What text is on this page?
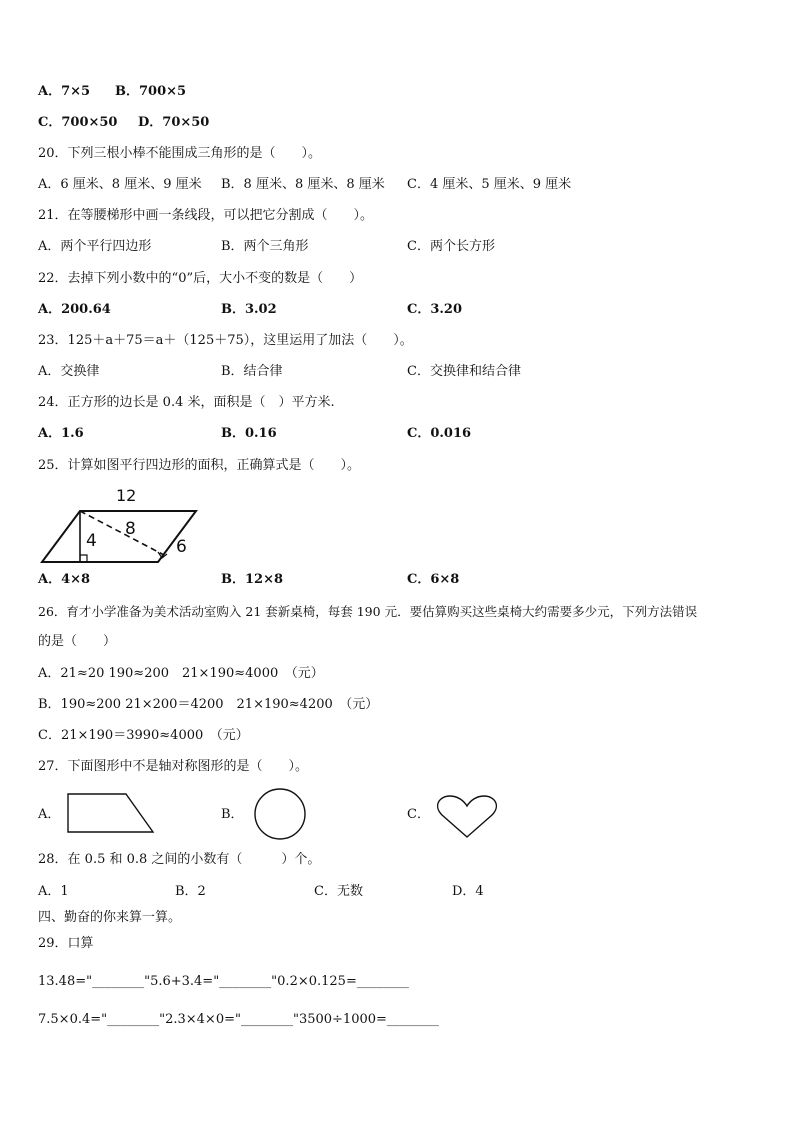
A．7×5 B．700×5
C．700×50 D．70×50
20．下列三根小棒不能围成三角形的是（　　）。
A．6 厘米、8 厘米、9 厘米 B．8 厘米、8 厘米、8 厘米 C．4 厘米、5 厘米、9 厘米
21．在等腰梯形中画一条线段，可以把它分割成（　　）。
A．两个平行四边形	B．两个三角形	C．两个长方形
22．去掉下列小数中的“0”后，大小不变的数是（　　）
A．200.64	B．3.02	C．3.20
23．125＋a＋75＝a＋（125＋75），这里运用了加法（　　）。
A．交换律	B．结合律	C．交换律和结合律
24．正方形的边长是 0.4 米，面积是（　）平方米.
A．1.6	B．0.16	C．0.016
25．计算如图平行四边形的面积，正确算式是（　　）。
12
8
4	6
A．4×8	B．12×8	C．6×8
26．育才小学准备为美术活动室购入 21 套新桌椅，每套 190 元．要估算购买这些桌椅大约需要多少元，下列方法错误
的是（　　）
A．21≈20 190≈200　21×190≈4000　（元）
B．190≈200 21×200＝4200　21×190≈4200　（元）
C．21×190＝3990≈4000　（元）
27．下面图形中不是轴对称图形的是（　　）。
A．	B．	C．
28．在 0.5 和 0.8 之间的小数有（　　　）个。
A．1	B．2	C．无数	D．4
四、勤奋的你来算一算。
29．口算
13.48="________"5.6+3.4="________"0.2×0.125=________
7.5×0.4="________"2.3×4×0="________"3500÷1000=________
